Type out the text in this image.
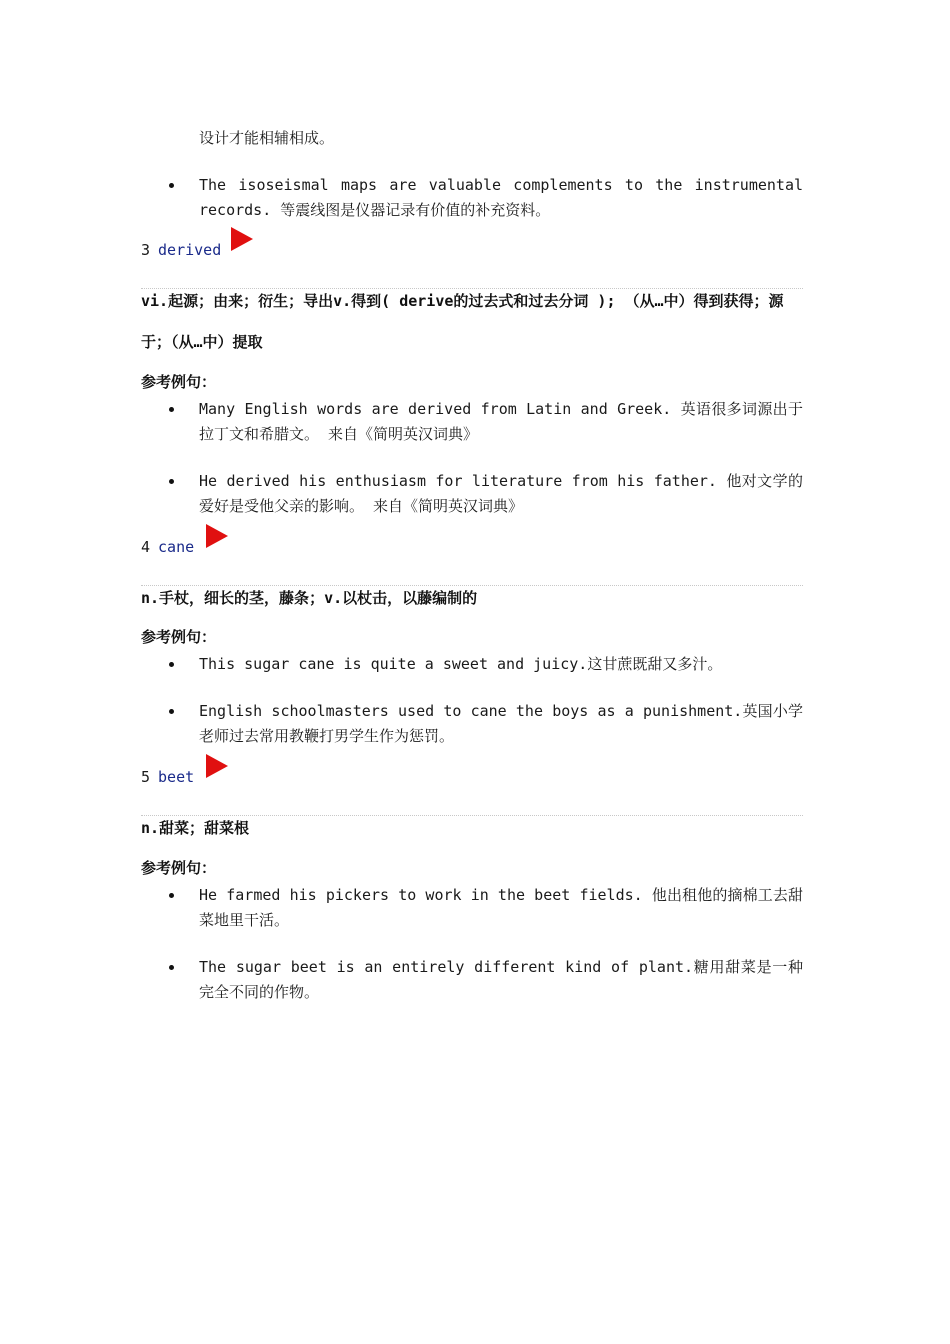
设计才能相辅相成。
The isoseismal maps are valuable complements to the instrumental records. 等震线图是仪器记录有价值的补充资料。
3 derived
vi.起源；由来；衍生；导出v.得到( derive的过去式和过去分词 ); （从…中）得到获得；源于；（从…中）提取
参考例句：
Many English words are derived from Latin and Greek. 英语很多词源出于拉丁文和希腊文。 来自《简明英汉词典》
He derived his enthusiasm for literature from his father. 他对文学的爱好是受他父亲的影响。 来自《简明英汉词典》
4 cane
n.手杖，细长的茎，藤条；v.以杖击，以藤编制的
参考例句：
This sugar cane is quite a sweet and juicy.这甘蔗既甜又多汁。
English schoolmasters used to cane the boys as a punishment.英国小学老师过去常用教鞭打男学生作为惩罚。
5 beet
n.甜菜；甜菜根
参考例句：
He farmed his pickers to work in the beet fields. 他出租他的摘棉工去甜菜地里干活。
The sugar beet is an entirely different kind of plant.糖用甜菜是一种完全不同的作物。
